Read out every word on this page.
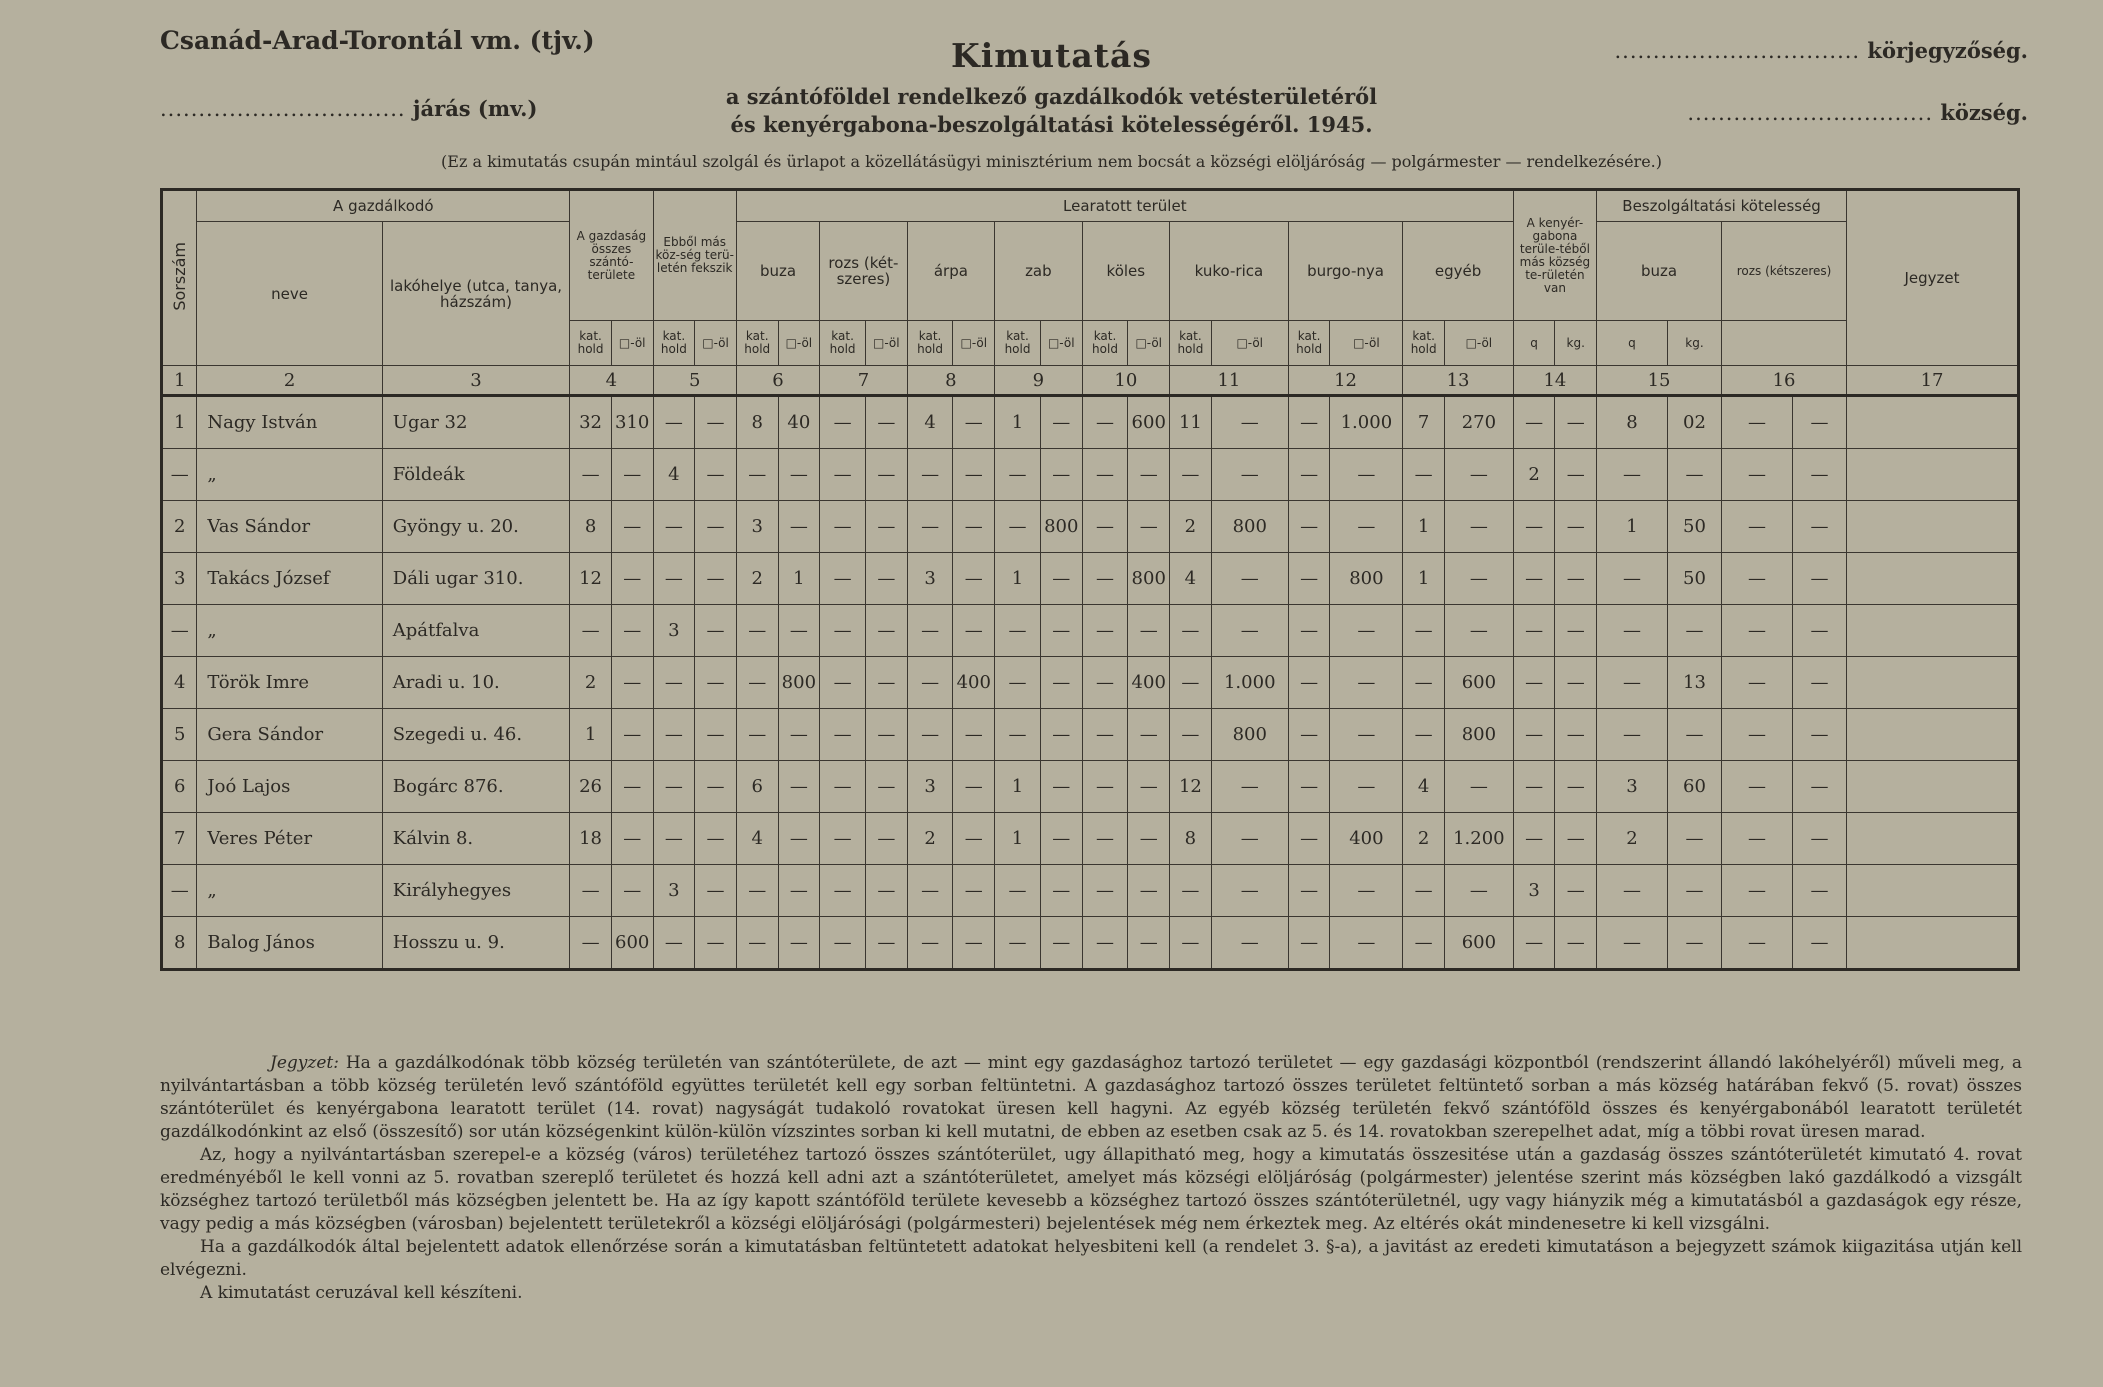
Csanád-Arad-Torontál vm. (tjv.)	Kimutatás
a szántóföldel rendelkező gazdálkodók vetésterületéről
és kenyérgabona-beszolgáltatási kötelességéről. 1945.
(Ez a kimutatás csupán mintául szolgál és ürlapot a közellátásügyi minisztérium nem bocsát a községi elöljáróság — polgármester — rendelkezésére.)
................................ járás (mv.)
................................ körjegyzőség.
................................ község.
Sorszám	A gazdálkodó		A gazdaság összes szántó-területe		Ebből más köz-ség terü-letén fekszik		Learatott terület																A kenyér-gabona terüle-téből más község te-rületén van		Beszolgáltatási kötelesség				Jegyzet
	neve	lakóhelye (utca, tanya, házszám)					buza		rozs (két-szeres)		árpa		zab		köles		kuko-rica		burgo-nya		egyéb				buza		rozs (kétszeres)		
			kat. hold	□-öl	kat. hold	□-öl	kat. hold	□-öl	kat. hold	□-öl	kat. hold	□-öl	kat. hold	□-öl	kat. hold	□-öl	kat. hold	□-öl	kat. hold	□-öl	kat. hold	□-öl	q	kg.	q	kg.			
1	2	3	4		5		6		7		8		9		10		11		12		13		14		15		16		17
1	Nagy István	Ugar 32	32	310	—	—	8	40	—	—	4	—	1	—	—	600	11	—	—	1.000	7	270	—	—	8	02	—	—	
—	„	Földeák	—	—	4	—	—	—	—	—	—	—	—	—	—	—	—	—	—	—	—	—	2	—	—	—	—	—	
2	Vas Sándor	Gyöngy u. 20.	8	—	—	—	3	—	—	—	—	—	—	800	—	—	2	800	—	—	1	—	—	—	1	50	—	—	
3	Takács József	Dáli ugar 310.	12	—	—	—	2	1	—	—	3	—	1	—	—	800	4	—	—	800	1	—	—	—	—	50	—	—	
—	„	Apátfalva	—	—	3	—	—	—	—	—	—	—	—	—	—	—	—	—	—	—	—	—	—	—	—	—	—	—	
4	Török Imre	Aradi u. 10.	2	—	—	—	—	800	—	—	—	400	—	—	—	400	—	1.000	—	—	—	600	—	—	—	13	—	—	
5	Gera Sándor	Szegedi u. 46.	1	—	—	—	—	—	—	—	—	—	—	—	—	—	—	800	—	—	—	800	—	—	—	—	—	—	
6	Joó Lajos	Bogárc 876.	26	—	—	—	6	—	—	—	3	—	1	—	—	—	12	—	—	—	4	—	—	—	3	60	—	—	
7	Veres Péter	Kálvin 8.	18	—	—	—	4	—	—	—	2	—	1	—	—	—	8	—	—	400	2	1.200	—	—	2	—	—	—	
—	„	Királyhegyes	—	—	3	—	—	—	—	—	—	—	—	—	—	—	—	—	—	—	—	—	3	—	—	—	—	—	
8	Balog János	Hosszu u. 9.	—	600	—	—	—	—	—	—	—	—	—	—	—	—	—	—	—	—	—	600	—	—	—	—	—	—	

Jegyzet: Ha a gazdálkodónak több község területén van szántóterülete, de azt — mint egy gazdasághoz tartozó területet — egy gazdasági központból (rendszerint állandó lakóhelyéről) műveli meg, a nyilvántartásban a több község területén levő szántóföld együttes területét kell egy sorban feltüntetni. A gazdasághoz tartozó összes területet feltüntető sorban a más község határában fekvő (5. rovat) összes szántóterület és kenyérgabona learatott terület (14. rovat) nagyságát tudakoló rovatokat üresen kell hagyni. Az egyéb község területén fekvő szántóföld összes és kenyérgabonából learatott területét gazdálkodónkint az első (összesítő) sor után községenkint külön-külön vízszintes sorban ki kell mutatni, de ebben az esetben csak az 5. és 14. rovatokban szerepelhet adat, míg a többi rovat üresen marad.

Az, hogy a nyilvántartásban szerepel-e a község (város) területéhez tartozó összes szántóterület, ugy állapitható meg, hogy a kimutatás összesitése után a gazdaság összes szántóterületét kimutató 4. rovat eredményéből le kell vonni az 5. rovatban szereplő területet és hozzá kell adni azt a szántóterületet, amelyet más községi elöljáróság (polgármester) jelentése szerint más községben lakó gazdálkodó a vizsgált községhez tartozó területből más községben jelentett be. Ha az így kapott szántóföld területe kevesebb a községhez tartozó összes szántóterületnél, ugy vagy hiányzik még a kimutatásból a gazdaságok egy része, vagy pedig a más községben (városban) bejelentett területekről a községi elöljárósági (polgármesteri) bejelentések még nem érkeztek meg. Az eltérés okát mindenesetre ki kell vizsgálni.

Ha a gazdálkodók által bejelentett adatok ellenőrzése során a kimutatásban feltüntetett adatokat helyesbiteni kell (a rendelet 3. §-a), a javitást az eredeti kimutatáson a bejegyzett számok kiigazitása utján kell elvégezni.

A kimutatást ceruzával kell készíteni.
